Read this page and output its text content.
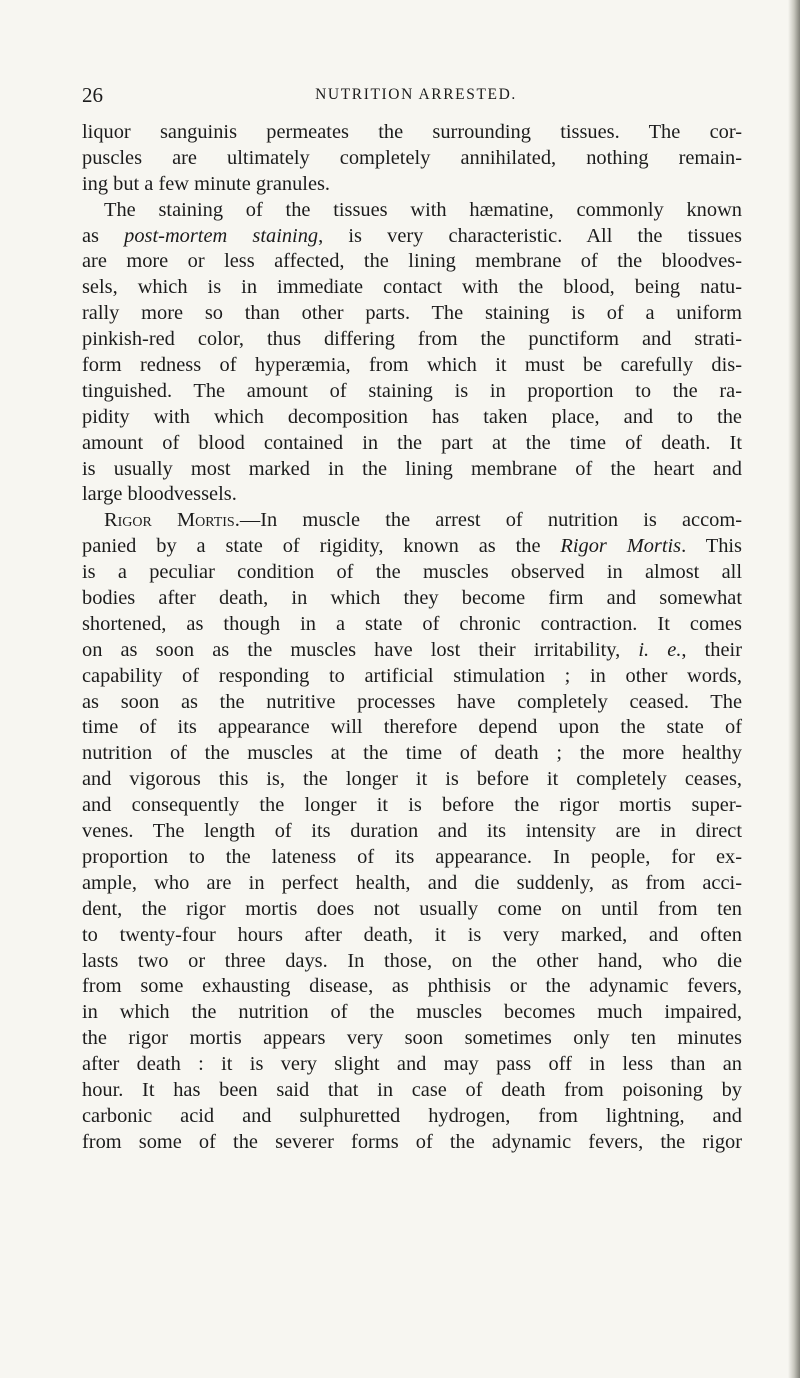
26	NUTRITION ARRESTED.
liquor sanguinis permeates the surrounding tissues. The cor-
puscles are ultimately completely annihilated, nothing remain-
ing but a few minute granules.
The staining of the tissues with hæmatine, commonly known
as post-mortem staining, is very characteristic. All the tissues
are more or less affected, the lining membrane of the bloodves-
sels, which is in immediate contact with the blood, being natu-
rally more so than other parts. The staining is of a uniform
pinkish-red color, thus differing from the punctiform and strati-
form redness of hyperæmia, from which it must be carefully dis-
tinguished. The amount of staining is in proportion to the ra-
pidity with which decomposition has taken place, and to the
amount of blood contained in the part at the time of death. It
is usually most marked in the lining membrane of the heart and
large bloodvessels.
Rigor Mortis.—In muscle the arrest of nutrition is accom-
panied by a state of rigidity, known as the Rigor Mortis. This
is a peculiar condition of the muscles observed in almost all
bodies after death, in which they become firm and somewhat
shortened, as though in a state of chronic contraction. It comes
on as soon as the muscles have lost their irritability, i. e., their
capability of responding to artificial stimulation ; in other words,
as soon as the nutritive processes have completely ceased. The
time of its appearance will therefore depend upon the state of
nutrition of the muscles at the time of death ; the more healthy
and vigorous this is, the longer it is before it completely ceases,
and consequently the longer it is before the rigor mortis super-
venes. The length of its duration and its intensity are in direct
proportion to the lateness of its appearance. In people, for ex-
ample, who are in perfect health, and die suddenly, as from acci-
dent, the rigor mortis does not usually come on until from ten
to twenty-four hours after death, it is very marked, and often
lasts two or three days. In those, on the other hand, who die
from some exhausting disease, as phthisis or the adynamic fevers,
in which the nutrition of the muscles becomes much impaired,
the rigor mortis appears very soon sometimes only ten minutes
after death : it is very slight and may pass off in less than an
hour. It has been said that in case of death from poisoning by
carbonic acid and sulphuretted hydrogen, from lightning, and
from some of the severer forms of the adynamic fevers, the rigor
